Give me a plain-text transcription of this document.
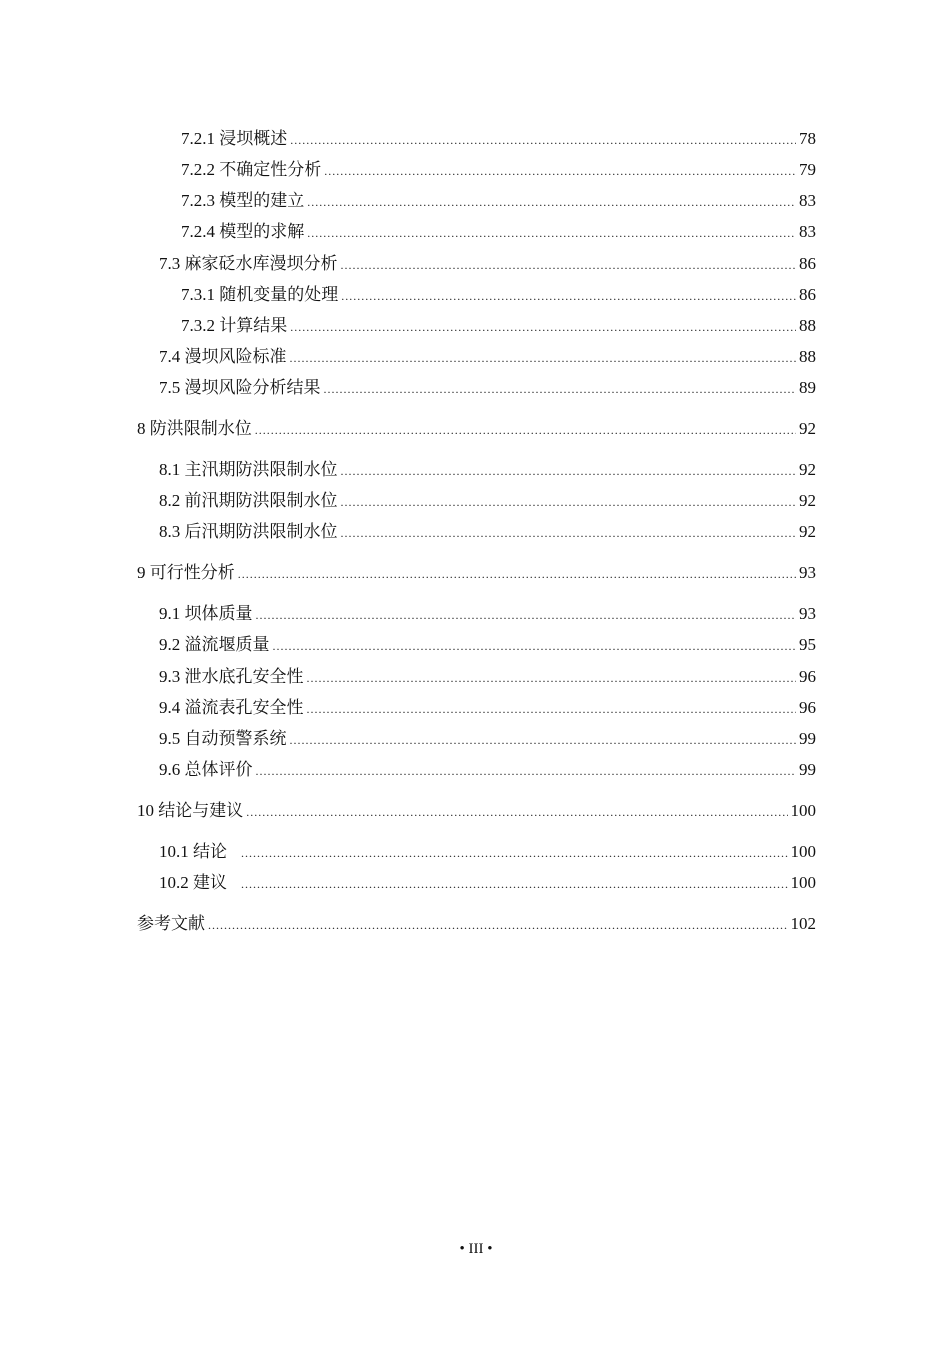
7.2.1 浸坝概述 .....	78
7.2.2 不确定性分析 .....	79
7.2.3 模型的建立 .....	83
7.2.4 模型的求解 .....	83
7.3 麻家砭水库漫坝分析 .....	86
7.3.1 随机变量的处理 .....	86
7.3.2 计算结果 .....	88
7.4 漫坝风险标准 .....	88
7.5 漫坝风险分析结果 .....	89
8 防洪限制水位 .....	92
8.1 主汛期防洪限制水位 .....	92
8.2 前汛期防洪限制水位 .....	92
8.3 后汛期防洪限制水位 .....	92
9 可行性分析 .....	93
9.1 坝体质量 .....	93
9.2 溢流堰质量 .....	95
9.3 泄水底孔安全性 .....	96
9.4 溢流表孔安全性 .....	96
9.5 自动预警系统 .....	99
9.6 总体评价 .....	99
10 结论与建议 .....	100
10.1 结论 .....	100
10.2 建议 .....	100
参考文献 .....	102
• III •
